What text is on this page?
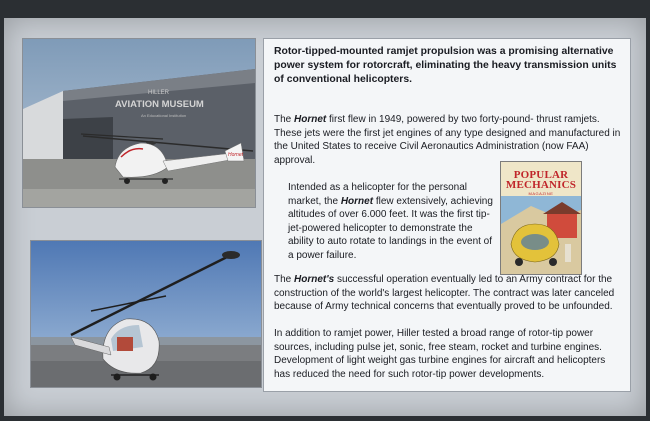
HILLER
AVIATION MUSEUM
An Educational Institution
Hornet
Rotor-tipped-mounted ramjet propulsion was a promising alternative power system for rotorcraft, eliminating the heavy transmission units of conventional helicopters.
The Hornet first flew in 1949, powered by two forty-pound- thrust ramjets. These jets were the first jet engines of any type designed and manufactured in the United States to receive Civil Aeronautics Administration (now FAA) approval.
Intended as a helicopter for the personal market, the Hornet flew extensively, achieving altitudes of over 6.000 feet. It was the first tip-jet-powered helicopter to demonstrate the ability to auto rotate to landings in the event of a power failure.
POPULAR
MECHANICS
MAGAZINE
The Hornet's successful operation eventually led to an Army contract for the construction of the world's largest helicopter. The contract was later canceled because of Army technical concerns that eventually proved to be unfounded.
In addition to ramjet power, Hiller tested a broad range of rotor-tip power sources, including pulse jet, sonic, free steam, rocket and turbine engines. Development of light weight gas turbine engines for aircraft and helicopters has reduced the need for such rotor-tip power developments.
